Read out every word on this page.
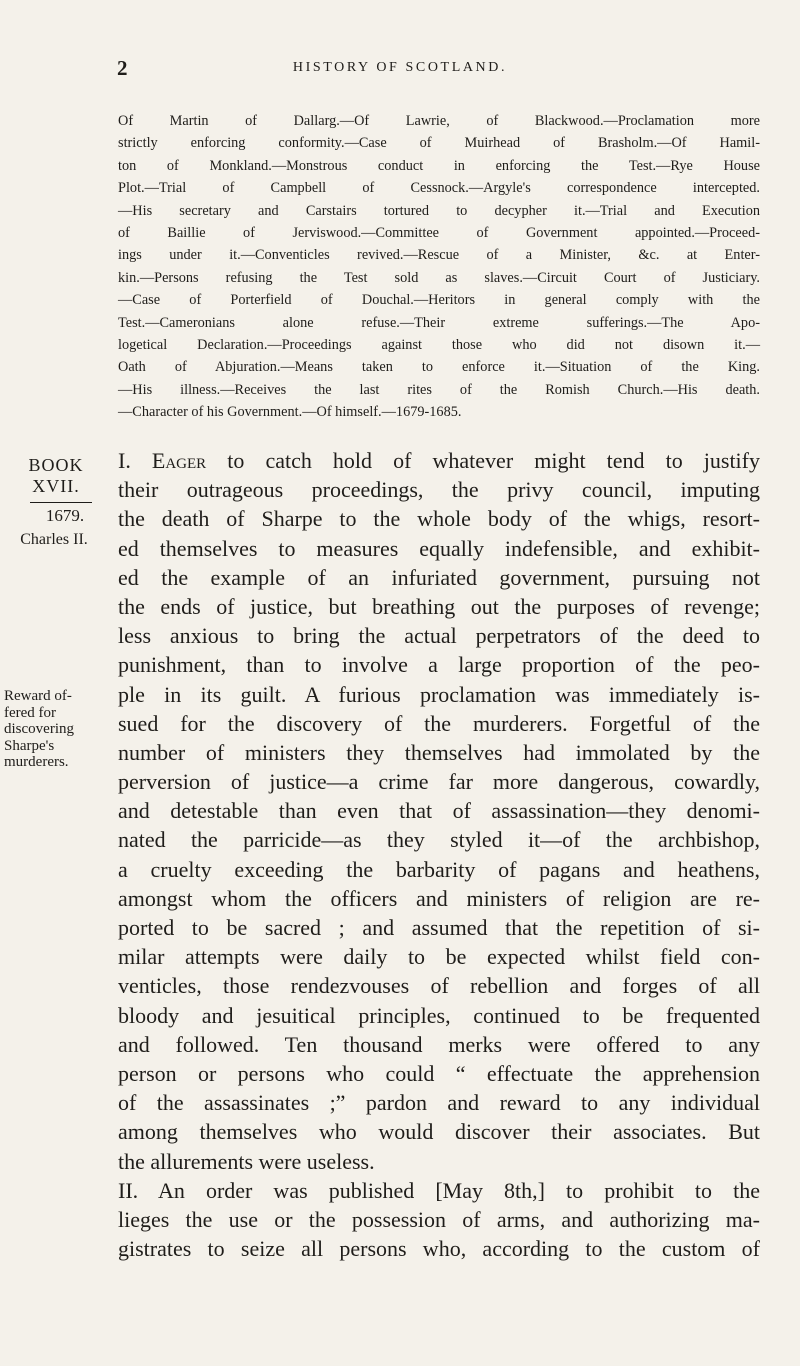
2	HISTORY OF SCOTLAND.
Of Martin of Dallarg.—Of Lawrie, of Blackwood.—Proclamation more
strictly enforcing conformity.—Case of Muirhead of Brasholm.—Of Hamil-
ton of Monkland.—Monstrous conduct in enforcing the Test.—Rye House
Plot.—Trial of Campbell of Cessnock.—Argyle's correspondence intercepted.
—His secretary and Carstairs tortured to decypher it.—Trial and Execution
of Baillie of Jerviswood.—Committee of Government appointed.—Proceed-
ings under it.—Conventicles revived.—Rescue of a Minister, &c. at Enter-
kin.—Persons refusing the Test sold as slaves.—Circuit Court of Justiciary.
—Case of Porterfield of Douchal.—Heritors in general comply with the
Test.—Cameronians alone refuse.—Their extreme sufferings.—The Apo-
logetical Declaration.—Proceedings against those who did not disown it.—
Oath of Abjuration.—Means taken to enforce it.—Situation of the King.
—His illness.—Receives the last rites of the Romish Church.—His death.
—Character of his Government.—Of himself.—1679-1685.
BOOK
XVII.
1679.
Charles II.
Reward of-
fered for
discovering
Sharpe's
murderers.
I. Eager to catch hold of whatever might tend to justify
their outrageous proceedings, the privy council, imputing
the death of Sharpe to the whole body of the whigs, resort-
ed themselves to measures equally indefensible, and exhibit-
ed the example of an infuriated government, pursuing not
the ends of justice, but breathing out the purposes of revenge;
less anxious to bring the actual perpetrators of the deed to
punishment, than to involve a large proportion of the peo-
ple in its guilt. A furious proclamation was immediately is-
sued for the discovery of the murderers. Forgetful of the
number of ministers they themselves had immolated by the
perversion of justice—a crime far more dangerous, cowardly,
and detestable than even that of assassination—they denomi-
nated the parricide—as they styled it—of the archbishop,
a cruelty exceeding the barbarity of pagans and heathens,
amongst whom the officers and ministers of religion are re-
ported to be sacred ; and assumed that the repetition of si-
milar attempts were daily to be expected whilst field con-
venticles, those rendezvouses of rebellion and forges of all
bloody and jesuitical principles, continued to be frequented
and followed. Ten thousand merks were offered to any
person or persons who could “ effectuate the apprehension
of the assassinates ;” pardon and reward to any individual
among themselves who would discover their associates. But
the allurements were useless.
II. An order was published [May 8th,] to prohibit to the
lieges the use or the possession of arms, and authorizing ma-
gistrates to seize all persons who, according to the custom of
